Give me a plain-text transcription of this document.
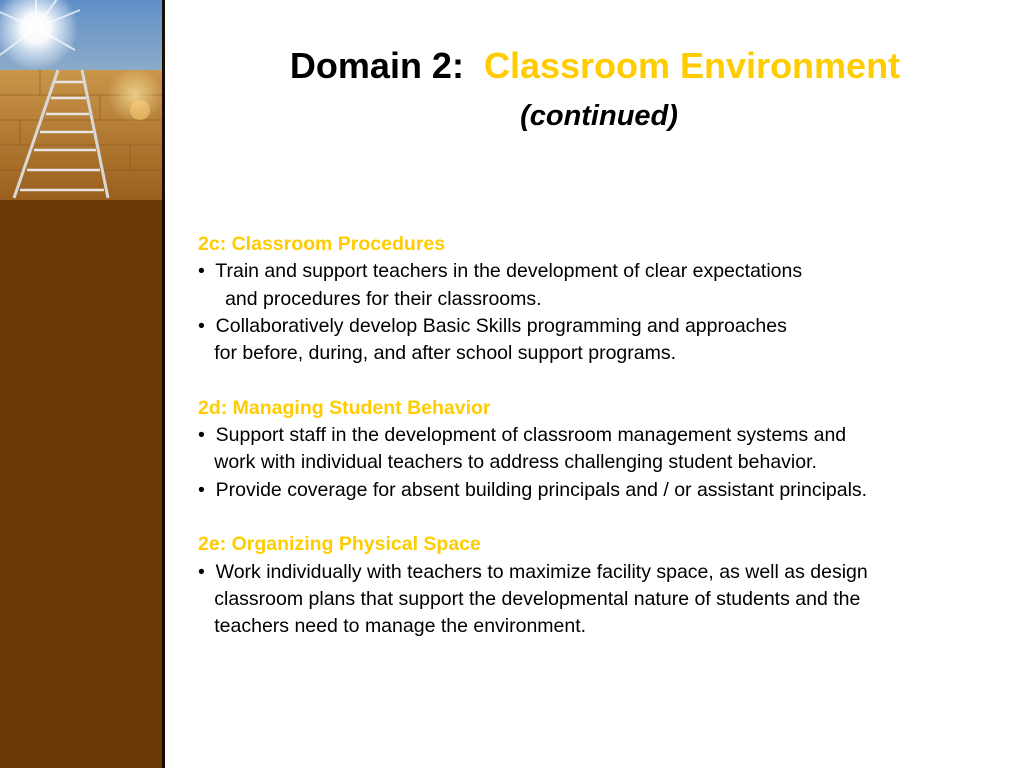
Domain 2: Classroom Environment
(continued)
2c: Classroom Procedures
•  Train and support teachers in the development of clear expectations
and procedures for their classrooms.
•  Collaboratively develop Basic Skills programming and approaches
for before, during, and after school support programs.
2d: Managing Student Behavior
•  Support staff in the development of classroom management systems and
work with individual teachers to address challenging student behavior.
•  Provide coverage for absent building principals and / or assistant principals.
2e: Organizing Physical Space
•  Work individually with teachers to maximize facility space, as well as design
classroom plans that support the developmental nature of students and the
teachers need to manage the environment.
